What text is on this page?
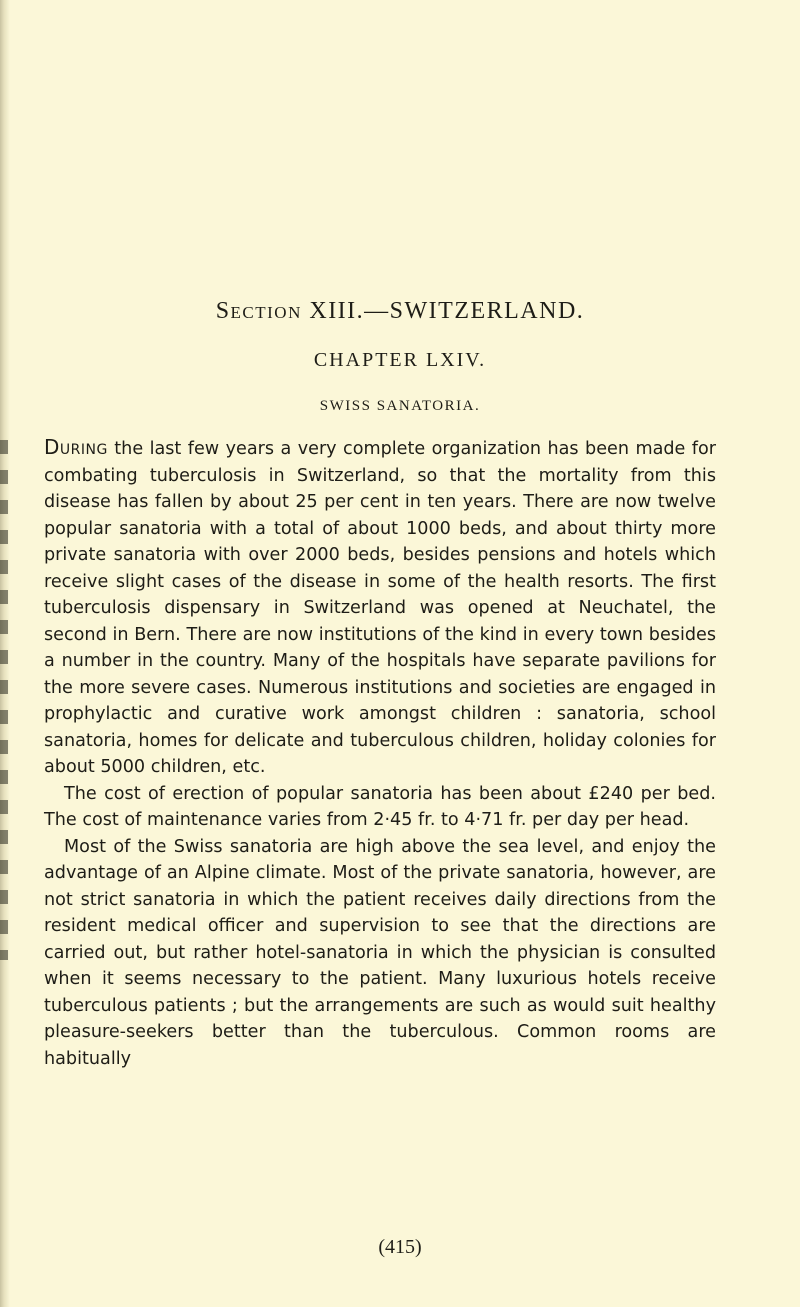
Section XIII.—SWITZERLAND.
CHAPTER LXIV.
SWISS SANATORIA.

During the last few years a very complete organization has been made for combating tuberculosis in Switzerland, so that the mortality from this disease has fallen by about 25 per cent in ten years. There are now twelve popular sanatoria with a total of about 1000 beds, and about thirty more private sanatoria with over 2000 beds, besides pensions and hotels which receive slight cases of the disease in some of the health resorts. The first tuberculosis dispensary in Switzerland was opened at Neuchatel, the second in Bern. There are now institutions of the kind in every town besides a number in the country. Many of the hospitals have separate pavilions for the more severe cases. Numerous institutions and societies are engaged in prophylactic and curative work amongst children : sanatoria, school sanatoria, homes for delicate and tuberculous children, holiday colonies for about 5000 children, etc.

The cost of erection of popular sanatoria has been about £240 per bed. The cost of maintenance varies from 2·45 fr. to 4·71 fr. per day per head.

Most of the Swiss sanatoria are high above the sea level, and enjoy the advantage of an Alpine climate. Most of the private sanatoria, however, are not strict sanatoria in which the patient receives daily directions from the resident medical officer and supervision to see that the directions are carried out, but rather hotel-sanatoria in which the physician is consulted when it seems necessary to the patient. Many luxurious hotels receive tuberculous patients ; but the arrangements are such as would suit healthy pleasure-seekers better than the tuberculous. Common rooms are habitually

(415)
